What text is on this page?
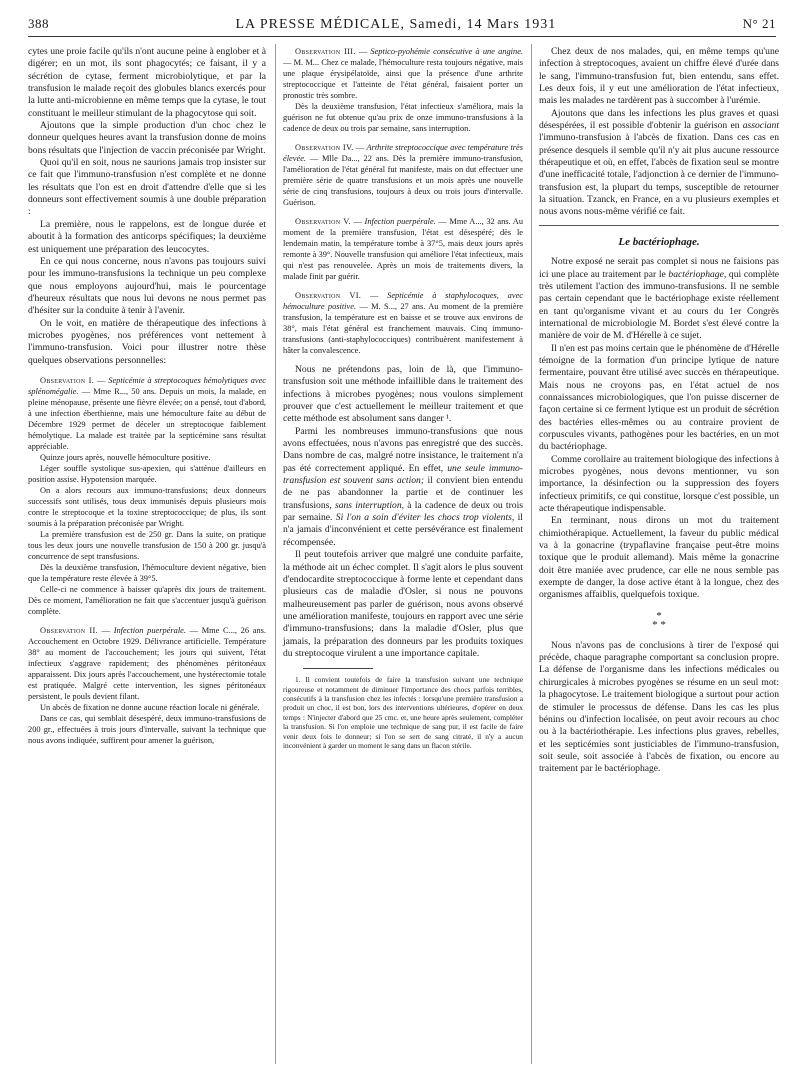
388	LA PRESSE MÉDICALE, Samedi, 14 Mars 1931	N° 21

cytes une proie facile qu'ils n'ont aucune peine à englober et à digérer; en un mot, ils sont phagocytés; ce faisant, il y a sécrétion de cytase, ferment microbiolytique, et par la transfusion le malade reçoit des globules blancs exercés pour la lutte anti-microbienne en même temps que la cytase, le tout constituant le meilleur stimulant de la phagocytose qui soit.

Ajoutons que la simple production d'un choc chez le donneur quelques heures avant la transfusion donne de moins bons résultats que l'injection de vaccin préconisée par Wright.

Quoi qu'il en soit, nous ne saurions jamais trop insister sur ce fait que l'immuno-transfusion n'est complète et ne donne les résultats que l'on est en droit d'attendre d'elle que si les donneurs sont effectivement soumis à une double préparation :

La première, nous le rappelons, est de longue durée et aboutit à la formation des anticorps spécifiques; la deuxième est uniquement une préparation des leucocytes.

En ce qui nous concerne, nous n'avons pas toujours suivi pour les immuno-transfusions la technique un peu complexe que nous employons aujourd'hui, mais le pourcentage d'heureux résultats que nous lui devons ne nous permet pas d'hésiter sur la conduite à tenir à l'avenir.

On le voit, en matière de thérapeutique des infections à microbes pyogènes, nos préférences vont nettement à l'immuno-transfusion. Voici pour illustrer notre thèse quelques observations personnelles:

Observation I. — Septicémie à streptocoques hémolytiques avec splénomégalie. — Mme R..., 50 ans. Depuis un mois, la malade, en pleine ménopause, présente une fièvre élevée; on a pensé, tout d'abord, à une infection éberthienne, mais une hémoculture faite au début de Décembre 1929 permet de déceler un streptocoque faiblement hémolytique. La malade est traitée par la septicémine sans résultat appréciable.

Quinze jours après, nouvelle hémoculture positive.

Léger souffle systolique sus-apexien, qui s'atténue d'ailleurs en position assise. Hypotension marquée.

On a alors recours aux immuno-transfusions; deux donneurs successifs sont utilisés, tous deux immunisés depuis plusieurs mois contre le streptocoque et la toxine streptococcique; de plus, ils sont soumis à la préparation préconisée par Wright.

La première transfusion est de 250 gr. Dans la suite, on pratique tous les deux jours une nouvelle transfusion de 150 à 200 gr. jusqu'à concurrence de sept transfusions.

Dès la deuxième transfusion, l'hémoculture devient négative, bien que la température reste élevée à 39°5.

Celle-ci ne commence à baisser qu'après dix jours de traitement. Dès ce moment, l'amélioration ne fait que s'accentuer jusqu'à guérison complète.

Observation II. — Infection puerpérale. — Mme C..., 26 ans. Accouchement en Octobre 1929. Délivrance artificielle. Température 38° au moment de l'accouchement; les jours qui suivent, l'état infectieux s'aggrave rapidement; des phénomènes péritonéaux apparaissent. Dix jours après l'accouchement, une hystérectomie totale est pratiquée. Malgré cette intervention, les signes péritonéaux persistent, le pouls devient filant.

Un abcès de fixation ne donne aucune réaction locale ni générale.

Dans ce cas, qui semblait désespéré, deux immuno-transfusions de 200 gr., effectuées à trois jours d'intervalle, suivant la technique que nous avons indiquée, suffirent pour amener la guérison,

Observation III. — Septico-pyohémie consécutive à une angine. — M. M... Chez ce malade, l'hémoculture resta toujours négative, mais une plaque érysipélatoïde, ainsi que la présence d'une arthrite streptococcique et l'atteinte de l'état général, faisaient porter un pronostic très sombre.

Dès la deuxième transfusion, l'état infectieux s'améliora, mais la guérison ne fut obtenue qu'au prix de onze immuno-transfusions à la cadence de deux ou trois par semaine, sans interruption.

Observation IV. — Arthrite streptococcique avec température très élevée. — Mlle Da..., 22 ans. Dès la première immuno-transfusion, l'amélioration de l'état général fut manifeste, mais on dut effectuer une première série de quatre transfusions et un mois après une nouvelle série de cinq transfusions, toujours à deux ou trois jours d'intervalle. Guérison.

Observation V. — Infection puerpérale. — Mme A..., 32 ans. Au moment de la première transfusion, l'état est désespéré; dès le lendemain matin, la température tombe à 37°5, mais deux jours après remonte à 39°. Nouvelle transfusion qui améliore l'état infectieux, mais qui n'est pas renouvelée. Après un mois de traitements divers, la malade finit par guérir.

Observation VI. — Septicémie à staphylocoques, avec hémoculture positive. — M. S..., 27 ans. Au moment de la première transfusion, la température est en baisse et se trouve aux environs de 38°, mais l'état général est franchement mauvais. Cinq immuno-transfusions (anti-staphylococciques) contribuèrent manifestement à hâter la convalescence.

Nous ne prétendons pas, loin de là, que l'immuno-transfusion soit une méthode infaillible dans le traitement des infections à microbes pyogènes; nous voulons simplement prouver que c'est actuellement le meilleur traitement et que cette méthode est absolument sans danger ¹.

Parmi les nombreuses immuno-transfusions que nous avons effectuées, nous n'avons pas enregistré que des succès. Dans nombre de cas, malgré notre insistance, le traitement n'a pas été correctement appliqué. En effet, une seule immuno-transfusion est souvent sans action; il convient bien entendu de ne pas abandonner la partie et de continuer les transfusions, sans interruption, à la cadence de deux ou trois par semaine. Si l'on a soin d'éviter les chocs trop violents, il n'a jamais d'inconvénient et cette persévérance est finalement récompensée.

Il peut toutefois arriver que malgré une conduite parfaite, la méthode ait un échec complet. Il s'agit alors le plus souvent d'endocardite streptococcique à forme lente et cependant dans plusieurs cas de maladie d'Osler, si nous ne pouvons malheureusement pas parler de guérison, nous avons observé une amélioration manifeste, toujours en rapport avec une série d'immuno-transfusions; dans la maladie d'Osler, plus que jamais, la préparation des donneurs par les produits toxiques du streptocoque virulent a une importance capitale.

1. Il convient toutefois de faire la transfusion suivant une technique rigoureuse et notamment de diminuer l'importance des chocs parfois terribles, consécutifs à la transfusion chez les infectés : lorsqu'une première transfusion a produit un choc, il est bon, lors des interventions ultérieures, d'opérer en deux temps : N'injecter d'abord que 25 cmc. et, une heure après seulement, compléter la transfusion. Si l'on emploie une technique de sang pur, il est facile de faire venir deux fois le donneur; si l'on se sert de sang citraté, il n'y a aucun inconvénient à garder un moment le sang dans un flacon stérile.

Chez deux de nos malades, qui, en même temps qu'une infection à streptocoques, avaient un chiffre élevé d'urée dans le sang, l'immuno-transfusion fut, bien entendu, sans effet. Les deux fois, il y eut une amélioration de l'état infectieux, mais les malades ne tardèrent pas à succomber à l'urémie.

Ajoutons que dans les infections les plus graves et quasi désespérées, il est possible d'obtenir la guérison en associant l'immuno-transfusion à l'abcès de fixation. Dans ces cas en présence desquels il semble qu'il n'y ait plus aucune ressource thérapeutique et où, en effet, l'abcès de fixation seul se montre d'une inefficacité totale, l'adjonction à ce dernier de l'immuno-transfusion est, la plupart du temps, susceptible de retourner la situation. Tzanck, en France, en a vu plusieurs exemples et nous avons nous-même vérifié ce fait.

Le bactériophage.

Notre exposé ne serait pas complet si nous ne faisions pas ici une place au traitement par le bactériophage, qui complète très utilement l'action des immuno-transfusions. Il ne semble pas certain cependant que le bactériophage existe réellement en tant qu'organisme vivant et au cours du 1er Congrès international de microbiologie M. Bordet s'est élevé contre la manière de voir de M. d'Hérelle à ce sujet.

Il n'en est pas moins certain que le phénomène de d'Hérelle témoigne de la formation d'un principe lytique de nature fermentaire, pouvant être utilisé avec succès en thérapeutique. Mais nous ne croyons pas, en l'état actuel de nos connaissances microbiologiques, que l'on puisse discerner de façon certaine si ce ferment lytique est un produit de sécrétion des bactéries elles-mêmes ou au contraire provient de corpuscules vivants, pathogènes pour les bactéries, en un mot du bactériophage.

Comme corollaire au traitement biologique des infections à microbes pyogènes, nous devons mentionner, vu son importance, la désinfection ou la suppression des foyers infectieux primitifs, ce qui constitue, lorsque c'est possible, un acte thérapeutique indispensable.

En terminant, nous dirons un mot du traitement chimiothérapique. Actuellement, la faveur du public médical va à la gonacrine (trypaflavine française peut-être moins toxique que le produit allemand). Mais même la gonacrine doit être maniée avec prudence, car elle ne nous semble pas exempte de danger, la dose active étant à la longue, chez des organismes affaiblis, quelquefois toxique.

*
* *

Nous n'avons pas de conclusions à tirer de l'exposé qui précède, chaque paragraphe comportant sa conclusion propre. La défense de l'organisme dans les infections médicales ou chirurgicales à microbes pyogènes se résume en un seul mot: la phagocytose. Le traitement biologique a surtout pour action de stimuler le processus de défense. Dans les cas les plus bénins ou d'infection localisée, on peut avoir recours au choc ou à la bactériothérapie. Les infections plus graves, rebelles, et les septicémies sont justiciables de l'immuno-transfusion, soit seule, soit associée à l'abcès de fixation, ou encore au traitement par le bactériophage.
